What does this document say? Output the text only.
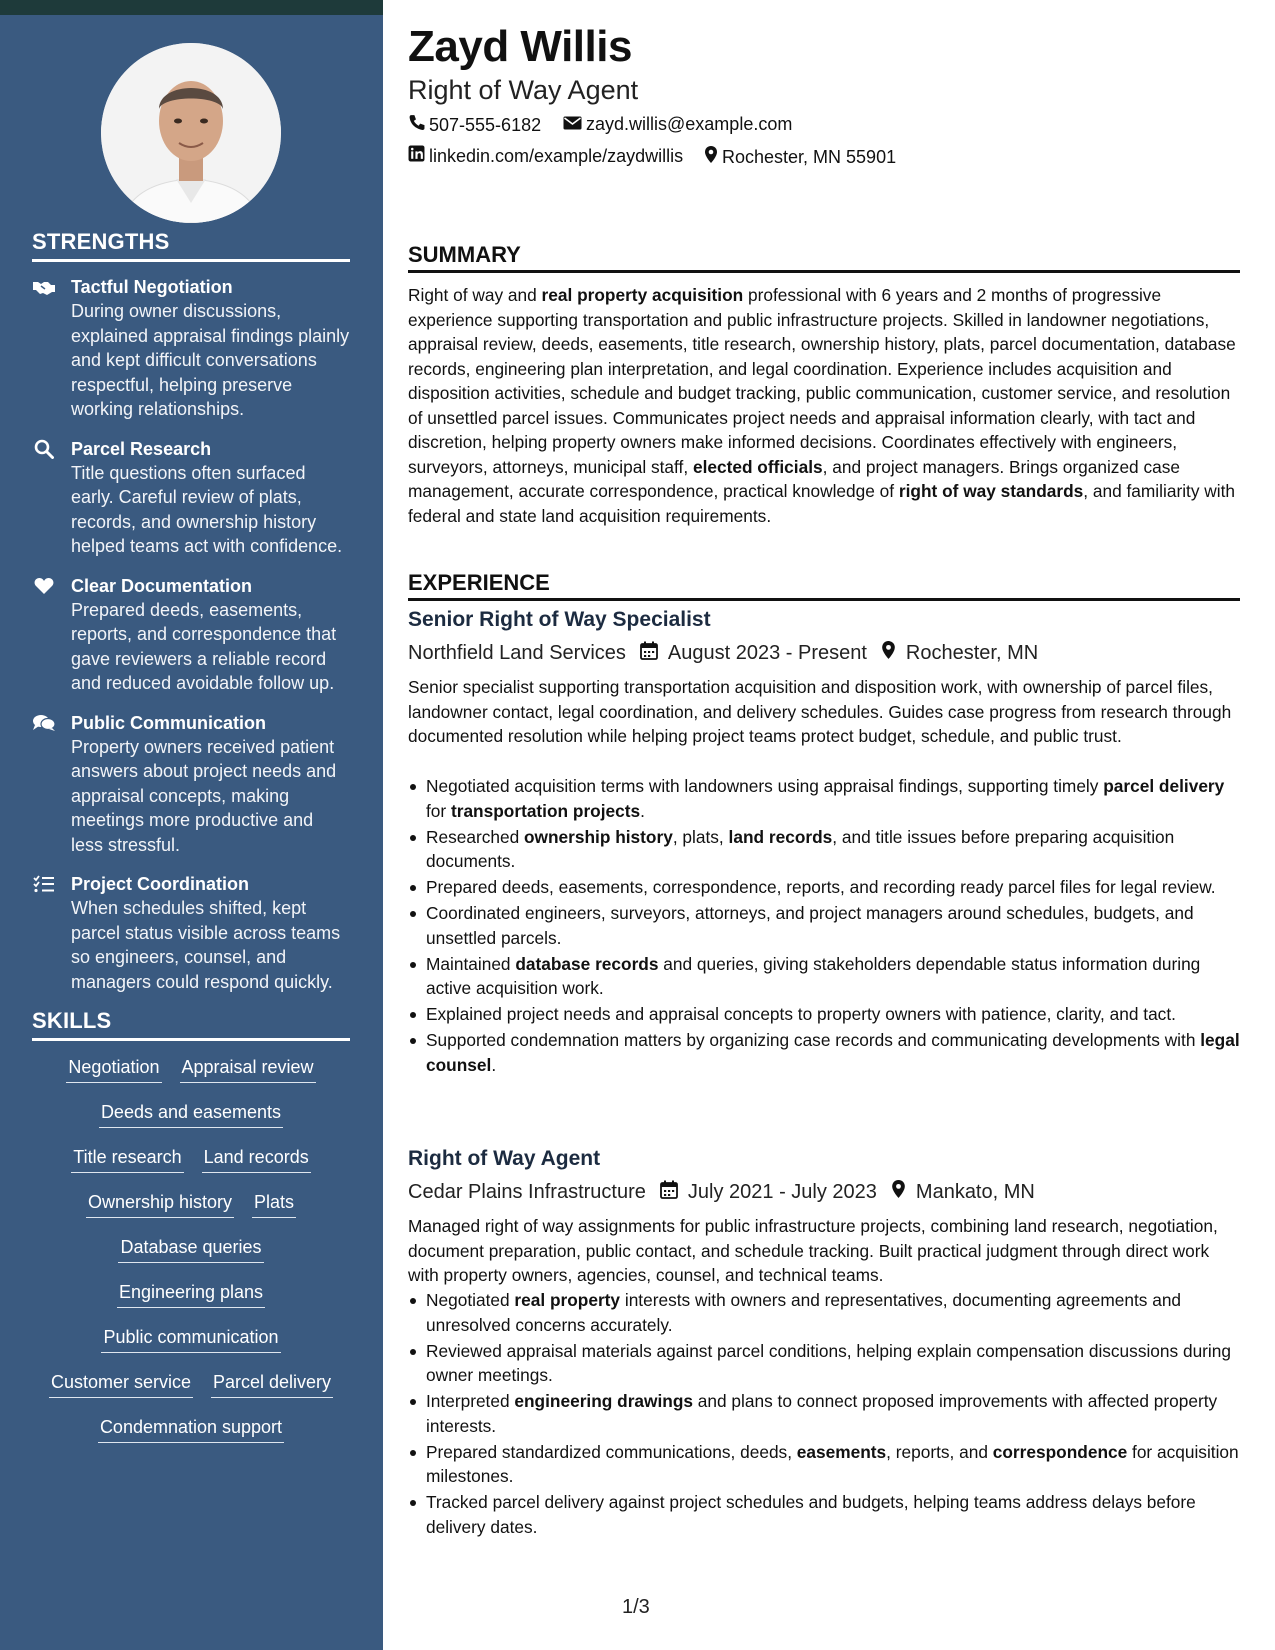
STRENGTHS
Tactful Negotiation
During owner discussions, explained appraisal findings plainly and kept difficult conversations respectful, helping preserve working relationships.
Parcel Research
Title questions often surfaced early. Careful review of plats, records, and ownership history helped teams act with confidence.
Clear Documentation
Prepared deeds, easements, reports, and correspondence that gave reviewers a reliable record and reduced avoidable follow up.
Public Communication
Property owners received patient answers about project needs and appraisal concepts, making meetings more productive and less stressful.
Project Coordination
When schedules shifted, kept parcel status visible across teams so engineers, counsel, and managers could respond quickly.
SKILLS
Negotiation Appraisal review
Deeds and easements
Title research Land records
Ownership history Plats
Database queries
Engineering plans
Public communication
Customer service Parcel delivery
Condemnation support
Zayd Willis
Right of Way Agent
507-555-6182 zayd.willis@example.com
linkedin.com/example/zaydwillis Rochester, MN 55901
SUMMARY

Right of way and real property acquisition professional with 6 years and 2 months of progressive experience supporting transportation and public infrastructure projects. Skilled in landowner negotiations, appraisal review, deeds, easements, title research, ownership history, plats, parcel documentation, database records, engineering plan interpretation, and legal coordination. Experience includes acquisition and disposition activities, schedule and budget tracking, public communication, customer service, and resolution of unsettled parcel issues. Communicates project needs and appraisal information clearly, with tact and discretion, helping property owners make informed decisions. Coordinates effectively with engineers, surveyors, attorneys, municipal staff, elected officials, and project managers. Brings organized case management, accurate correspondence, practical knowledge of right of way standards, and familiarity with federal and state land acquisition requirements.

EXPERIENCE
Senior Right of Way Specialist
Northfield Land Services August 2023 - Present Rochester, MN

Senior specialist supporting transportation acquisition and disposition work, with ownership of parcel files, landowner contact, legal coordination, and delivery schedules. Guides case progress from research through documented resolution while helping project teams protect budget, schedule, and public trust.

Negotiated acquisition terms with landowners using appraisal findings, supporting timely parcel delivery for transportation projects.
Researched ownership history, plats, land records, and title issues before preparing acquisition documents.
Prepared deeds, easements, correspondence, reports, and recording ready parcel files for legal review.
Coordinated engineers, surveyors, attorneys, and project managers around schedules, budgets, and unsettled parcels.
Maintained database records and queries, giving stakeholders dependable status information during active acquisition work.
Explained project needs and appraisal concepts to property owners with patience, clarity, and tact.
Supported condemnation matters by organizing case records and communicating developments with legal counsel.
Right of Way Agent
Cedar Plains Infrastructure July 2021 - July 2023 Mankato, MN

Managed right of way assignments for public infrastructure projects, combining land research, negotiation, document preparation, public contact, and schedule tracking. Built practical judgment through direct work with property owners, agencies, counsel, and technical teams.

Negotiated real property interests with owners and representatives, documenting agreements and unresolved concerns accurately.
Reviewed appraisal materials against parcel conditions, helping explain compensation discussions during owner meetings.
Interpreted engineering drawings and plans to connect proposed improvements with affected property interests.
Prepared standardized communications, deeds, easements, reports, and correspondence for acquisition milestones.
Tracked parcel delivery against project schedules and budgets, helping teams address delays before delivery dates.
1/3
